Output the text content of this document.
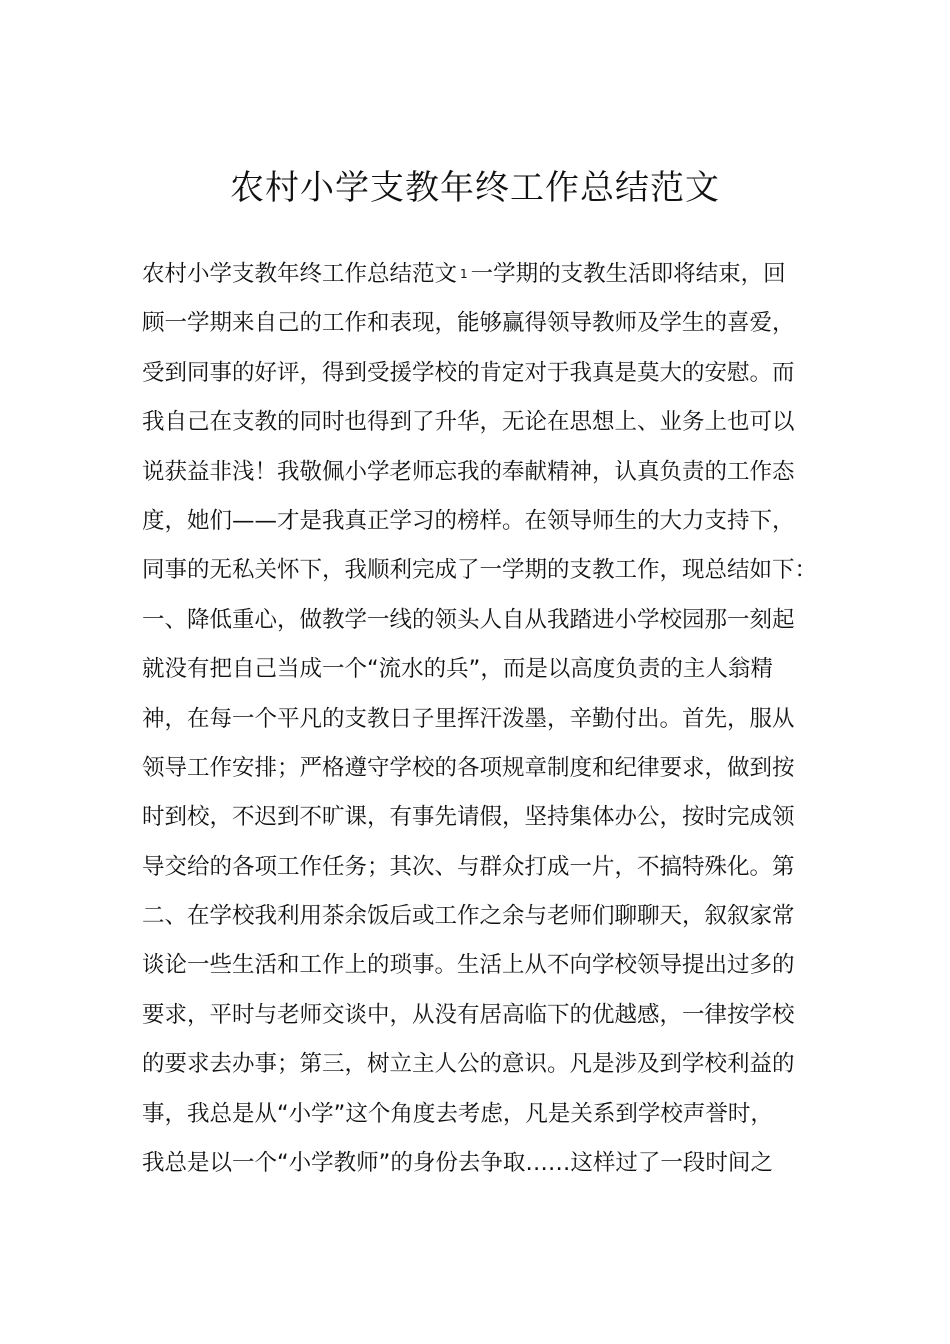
农村小学支教年终工作总结范文
农村小学支教年终工作总结范文 1 一学期的支教生活即将结束，回
顾一学期来自己的工作和表现，能够赢得领导教师及学生的喜爱，
受到同事的好评，得到受援学校的肯定对于我真是莫大的安慰。而
我自己在支教的同时也得到了升华，无论在思想上、业务上也可以
说获益非浅！我敬佩小学老师忘我的奉献精神，认真负责的工作态
度，她们——才是我真正学习的榜样。在领导师生的大力支持下，
同事的无私关怀下，我顺利完成了一学期的支教工作，现总结如下：
一、降低重心，做教学一线的领头人自从我踏进小学校园那一刻起
就没有把自己当成一个“流水的兵”，而是以高度负责的主人翁精
神，在每一个平凡的支教日子里挥汗泼墨，辛勤付出。首先，服从
领导工作安排；严格遵守学校的各项规章制度和纪律要求，做到按
时到校，不迟到不旷课，有事先请假，坚持集体办公，按时完成领
导交给的各项工作任务；其次、与群众打成一片，不搞特殊化。第
二、在学校我利用茶余饭后或工作之余与老师们聊聊天，叙叙家常
谈论一些生活和工作上的琐事。生活上从不向学校领导提出过多的
要求，平时与老师交谈中，从没有居高临下的优越感，一律按学校
的要求去办事；第三，树立主人公的意识。凡是涉及到学校利益的
事，我总是从“小学”这个角度去考虑，凡是关系到学校声誉时，
我总是以一个“小学教师”的身份去争取……这样过了一段时间之
